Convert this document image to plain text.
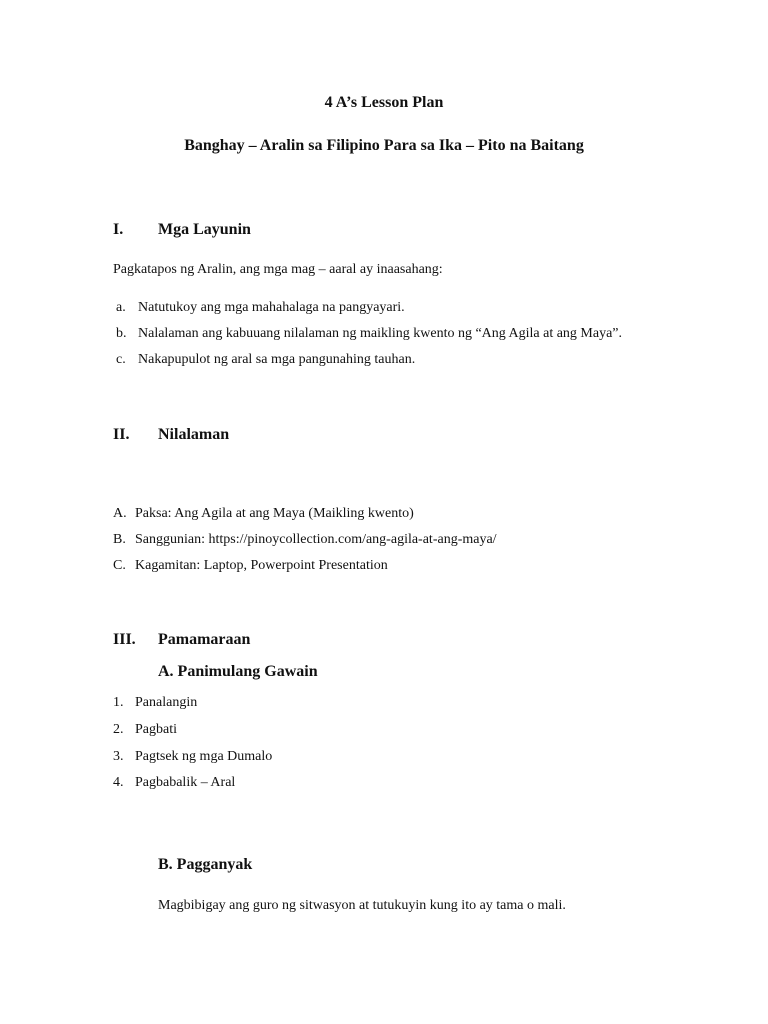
4 A’s Lesson Plan
Banghay – Aralin sa Filipino Para sa Ika – Pito na Baitang
I. Mga Layunin
Pagkatapos ng Aralin, ang mga mag – aaral ay inaasahang:
a. Natutukoy ang mga mahahalaga na pangyayari.
b. Nalalaman ang kabuuang nilalaman ng maikling kwento ng “Ang Agila at ang Maya”.
c. Nakapupulot ng aral sa mga pangunahing tauhan.
II. Nilalaman
A. Paksa: Ang Agila at ang Maya (Maikling kwento)
B. Sanggunian: https://pinoycollection.com/ang-agila-at-ang-maya/
C. Kagamitan: Laptop, Powerpoint Presentation
III. Pamamaraan
A. Panimulang Gawain
1. Panalangin
2. Pagbati
3. Pagtsek ng mga Dumalo
4. Pagbabalik – Aral
B. Pagganyak
Magbibigay ang guro ng sitwasyon at tutukuyin kung ito ay tama o mali.
